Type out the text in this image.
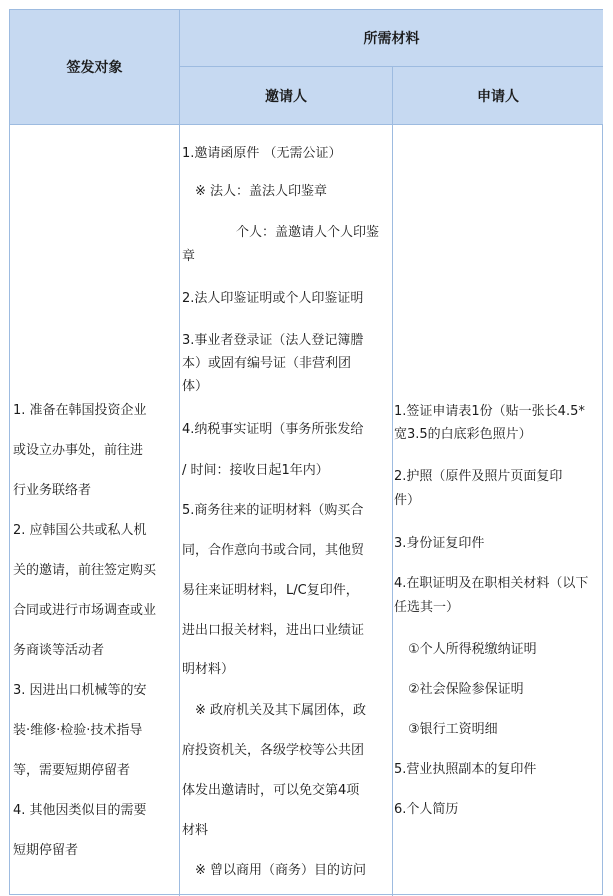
签发对象
所需材料
邀请人	申请人
1. 准备在韩国投资企业
或设立办事处，前往进
行业务联络者
2. 应韩国公共或私人机
关的邀请，前往签定购买
合同或进行市场调查或业
务商谈等活动者
3. 因进出口机械等的安
装·维修·检验·技术指导
等，需要短期停留者
4. 其他因类似目的需要
短期停留者
1.邀请函原件 （无需公证）
※ 法人：盖法人印鉴章
个人：盖邀请人个人印鉴
章
2.法人印鉴证明或个人印鉴证明
3.事业者登录证（法人登记簿謄
本）或固有编号证（非营利团
体）
4.纳税事实证明（事务所张发给
/ 时间：接收日起1年内）
5.商务往来的证明材料（购买合
同，合作意向书或合同，其他贸
易往来证明材料，L/C复印件，
进出口报关材料，进出口业绩证
明材料）
※ 政府机关及其下属团体，政
府投资机关，各级学校等公共团
体发出邀请时，可以免交第4项
材料
※ 曾以商用（商务）目的访问
1.签证申请表1份（贴一张长4.5*
宽3.5的白底彩色照片）
2.护照（原件及照片页面复印
件）
3.身份证复印件
4.在职证明及在职相关材料（以下
任选其一）
①个人所得税缴纳证明
②社会保险参保证明
③银行工资明细
5.营业执照副本的复印件
6.个人简历
